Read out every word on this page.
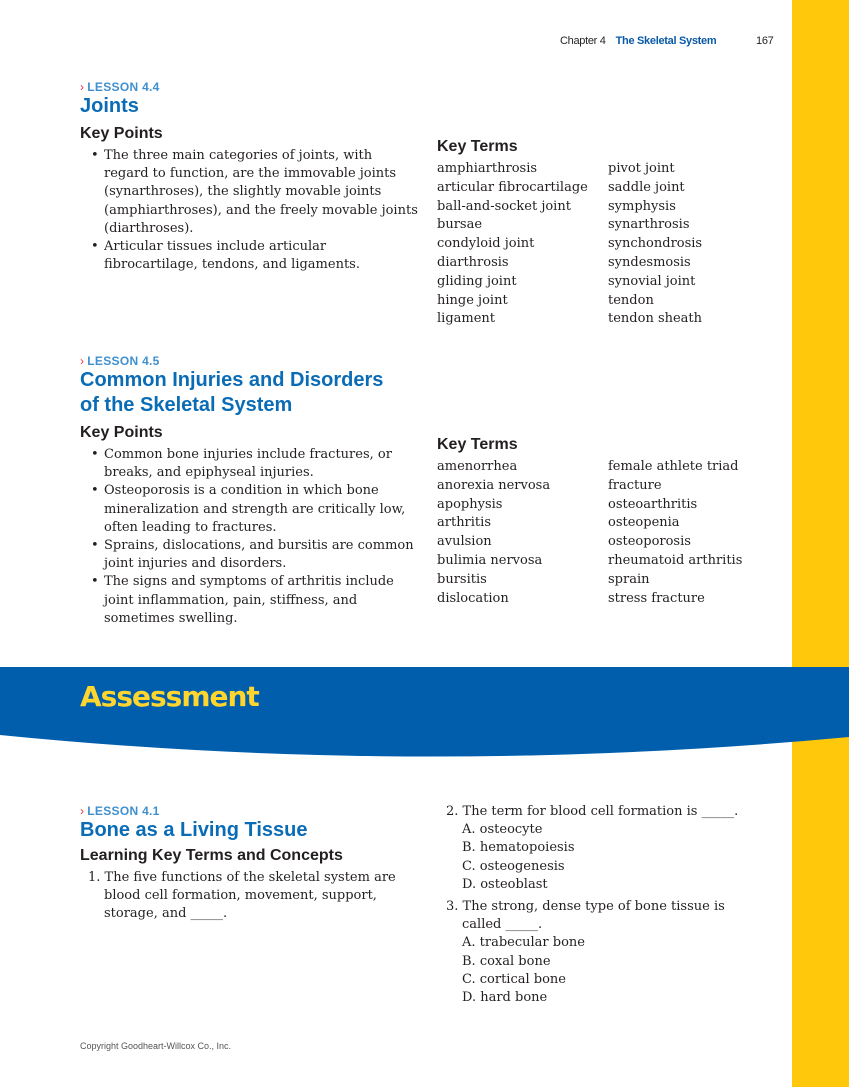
Chapter 4 The Skeletal System	167
› LESSON 4.4
Joints
Key Points
• The three main categories of joints, with regard to function, are the immovable joints (synarthroses), the slightly movable joints (amphiarthroses), and the freely movable joints (diarthroses).
• Articular tissues include articular fibrocartilage, tendons, and ligaments.
Key Terms
amphiarthrosis	pivot joint
articular fibrocartilage	saddle joint
ball-and-socket joint	symphysis
bursae	synarthrosis
condyloid joint	synchondrosis
diarthrosis	syndesmosis
gliding joint	synovial joint
hinge joint	tendon
ligament	tendon sheath
› LESSON 4.5
Common Injuries and Disorders
of the Skeletal System
Key Points
• Common bone injuries include fractures, or breaks, and epiphyseal injuries.
• Osteoporosis is a condition in which bone mineralization and strength are critically low, often leading to fractures.
• Sprains, dislocations, and bursitis are common joint injuries and disorders.
• The signs and symptoms of arthritis include joint inflammation, pain, stiffness, and sometimes swelling.
Key Terms
amenorrhea	female athlete triad
anorexia nervosa	fracture
apophysis	osteoarthritis
arthritis	osteopenia
avulsion	osteoporosis
bulimia nervosa	rheumatoid arthritis
bursitis	sprain
dislocation	stress fracture
Assessment
› LESSON 4.1
Bone as a Living Tissue
Learning Key Terms and Concepts
1. The five functions of the skeletal system are blood cell formation, movement, support, storage, and _____.
2. The term for blood cell formation is _____.
A. osteocyte
B. hematopoiesis
C. osteogenesis
D. osteoblast
3. The strong, dense type of bone tissue is called _____.
A. trabecular bone
B. coxal bone
C. cortical bone
D. hard bone
Copyright Goodheart-Willcox Co., Inc.
